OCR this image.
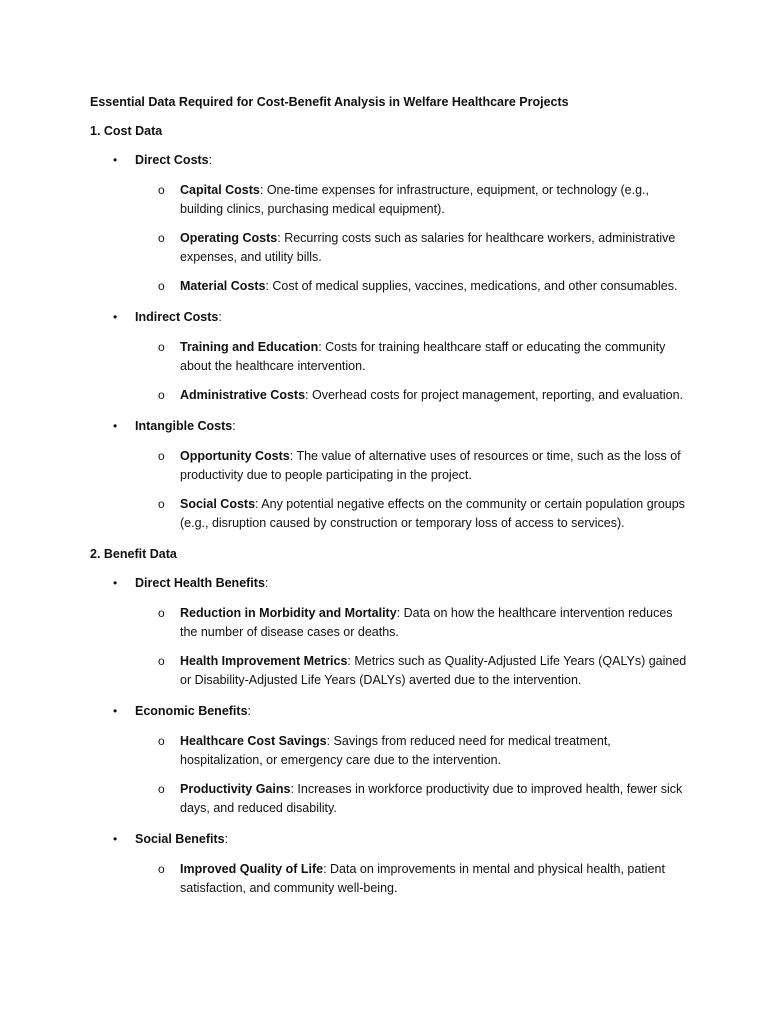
Essential Data Required for Cost-Benefit Analysis in Welfare Healthcare Projects
1. Cost Data
• Direct Costs:
o Capital Costs: One-time expenses for infrastructure, equipment, or technology (e.g., building clinics, purchasing medical equipment).
o Operating Costs: Recurring costs such as salaries for healthcare workers, administrative expenses, and utility bills.
o Material Costs: Cost of medical supplies, vaccines, medications, and other consumables.
• Indirect Costs:
o Training and Education: Costs for training healthcare staff or educating the community about the healthcare intervention.
o Administrative Costs: Overhead costs for project management, reporting, and evaluation.
• Intangible Costs:
o Opportunity Costs: The value of alternative uses of resources or time, such as the loss of productivity due to people participating in the project.
o Social Costs: Any potential negative effects on the community or certain population groups (e.g., disruption caused by construction or temporary loss of access to services).
2. Benefit Data
• Direct Health Benefits:
o Reduction in Morbidity and Mortality: Data on how the healthcare intervention reduces the number of disease cases or deaths.
o Health Improvement Metrics: Metrics such as Quality-Adjusted Life Years (QALYs) gained or Disability-Adjusted Life Years (DALYs) averted due to the intervention.
• Economic Benefits:
o Healthcare Cost Savings: Savings from reduced need for medical treatment, hospitalization, or emergency care due to the intervention.
o Productivity Gains: Increases in workforce productivity due to improved health, fewer sick days, and reduced disability.
• Social Benefits:
o Improved Quality of Life: Data on improvements in mental and physical health, patient satisfaction, and community well-being.
